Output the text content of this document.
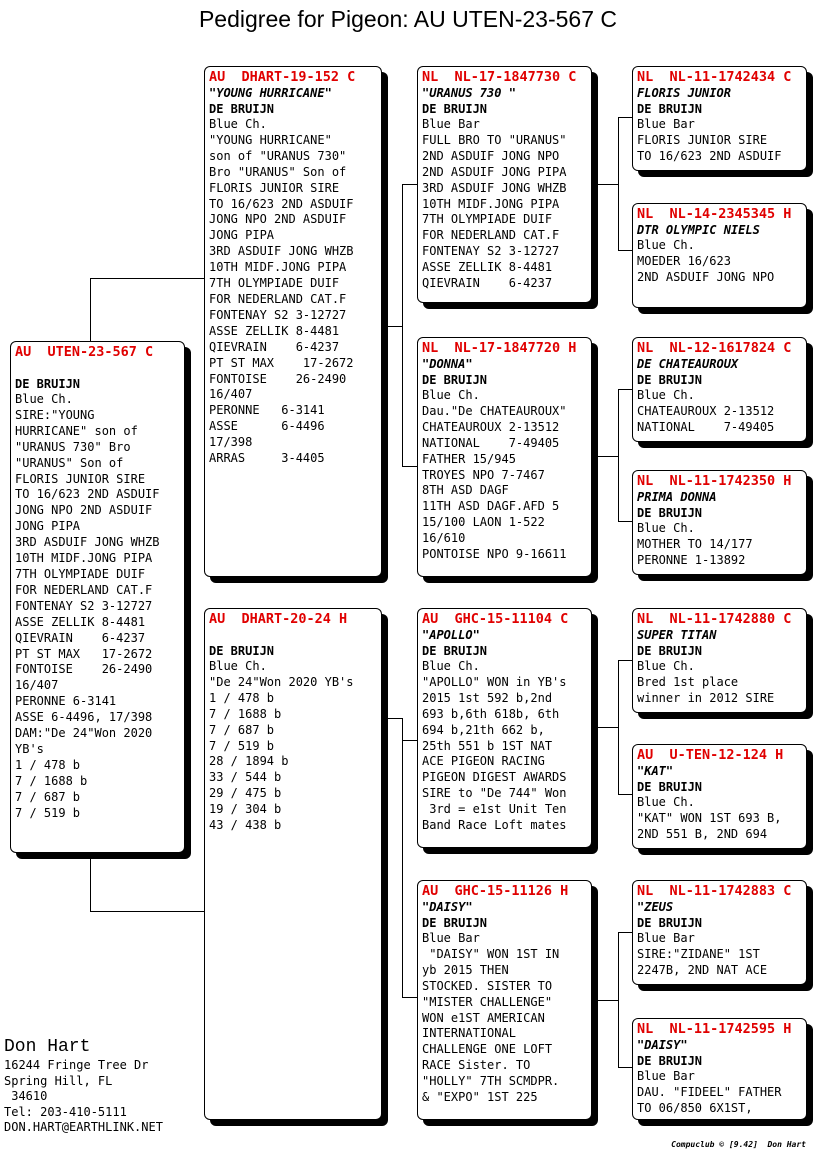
Pedigree for Pigeon: AU UTEN-23-567 C
AU  UTEN-23-567 C
DE BRUIJN
Blue Ch.
SIRE:"YOUNG
HURRICANE" son of
"URANUS 730" Bro
"URANUS" Son of
FLORIS JUNIOR SIRE
TO 16/623 2ND ASDUIF
JONG NPO 2ND ASDUIF
JONG PIPA
3RD ASDUIF JONG WHZB
10TH MIDF.JONG PIPA
7TH OLYMPIADE DUIF
FOR NEDERLAND CAT.F
FONTENAY S2 3-12727
ASSE ZELLIK 8-4481
QIEVRAIN    6-4237
PT ST MAX   17-2672
FONTOISE    26-2490
16/407
PERONNE 6-3141
ASSE 6-4496, 17/398
DAM:"De 24"Won 2020
YB's
1 / 478 b
7 / 1688 b
7 / 687 b
7 / 519 b
AU  DHART-19-152 C
"YOUNG HURRICANE"
DE BRUIJN
Blue Ch.
"YOUNG HURRICANE"
son of "URANUS 730"
Bro "URANUS" Son of
FLORIS JUNIOR SIRE
TO 16/623 2ND ASDUIF
JONG NPO 2ND ASDUIF
JONG PIPA
3RD ASDUIF JONG WHZB
10TH MIDF.JONG PIPA
7TH OLYMPIADE DUIF
FOR NEDERLAND CAT.F
FONTENAY S2 3-12727
ASSE ZELLIK 8-4481
QIEVRAIN    6-4237
PT ST MAX    17-2672
FONTOISE    26-2490
16/407
PERONNE   6-3141
ASSE      6-4496
17/398
ARRAS     3-4405
AU  DHART-20-24 H
DE BRUIJN
Blue Ch.
"De 24"Won 2020 YB's
1 / 478 b
7 / 1688 b
7 / 687 b
7 / 519 b
28 / 1894 b
33 / 544 b
29 / 475 b
19 / 304 b
43 / 438 b
NL  NL-17-1847730 C
"URANUS 730 "
DE BRUIJN
Blue Bar
FULL BRO TO "URANUS"
2ND ASDUIF JONG NPO
2ND ASDUIF JONG PIPA
3RD ASDUIF JONG WHZB
10TH MIDF.JONG PIPA
7TH OLYMPIADE DUIF
FOR NEDERLAND CAT.F
FONTENAY S2 3-12727
ASSE ZELLIK 8-4481
QIEVRAIN    6-4237
NL  NL-17-1847720 H
"DONNA"
DE BRUIJN
Blue Ch.
Dau."De CHATEAUROUX"
CHATEAUROUX 2-13512
NATIONAL    7-49405
FATHER 15/945
TROYES NPO 7-7467
8TH ASD DAGF
11TH ASD DAGF.AFD 5
15/100 LAON 1-522
16/610
PONTOISE NPO 9-16611
AU  GHC-15-11104 C
"APOLLO"
DE BRUIJN
Blue Ch.
"APOLLO" WON in YB's
2015 1st 592 b,2nd
693 b,6th 618b, 6th
694 b,21th 662 b,
25th 551 b 1ST NAT
ACE PIGEON RACING
PIGEON DIGEST AWARDS
SIRE to "De 744" Won
3rd = e1st Unit Ten
Band Race Loft mates
AU  GHC-15-11126 H
"DAISY"
DE BRUIJN
Blue Bar
"DAISY" WON 1ST IN
yb 2015 THEN
STOCKED. SISTER TO
"MISTER CHALLENGE"
WON e1ST AMERICAN
INTERNATIONAL
CHALLENGE ONE LOFT
RACE Sister. TO
"HOLLY" 7TH SCMDPR.
& "EXPO" 1ST 225
NL  NL-11-1742434 C
FLORIS JUNIOR
DE BRUIJN
Blue Bar
FLORIS JUNIOR SIRE
TO 16/623 2ND ASDUIF
NL  NL-14-2345345 H
DTR OLYMPIC NIELS
Blue Ch.
MOEDER 16/623
2ND ASDUIF JONG NPO
NL  NL-12-1617824 C
DE CHATEAUROUX
DE BRUIJN
Blue Ch.
CHATEAUROUX 2-13512
NATIONAL    7-49405
NL  NL-11-1742350 H
PRIMA DONNA
DE BRUIJN
Blue Ch.
MOTHER TO 14/177
PERONNE 1-13892
NL  NL-11-1742880 C
SUPER TITAN
DE BRUIJN
Blue Ch.
Bred 1st place
winner in 2012 SIRE
AU  U-TEN-12-124 H
"KAT"
DE BRUIJN
Blue Ch.
"KAT" WON 1ST 693 B,
2ND 551 B, 2ND 694
NL  NL-11-1742883 C
"ZEUS
DE BRUIJN
Blue Bar
SIRE:"ZIDANE" 1ST
2247B, 2ND NAT ACE
NL  NL-11-1742595 H
"DAISY"
DE BRUIJN
Blue Bar
DAU. "FIDEEL" FATHER
TO 06/850 6X1ST,
Don Hart
16244 Fringe Tree Dr
Spring Hill, FL
34610
Tel: 203-410-5111
DON.HART@EARTHLINK.NET
Compuclub © [9.42]  Don Hart
